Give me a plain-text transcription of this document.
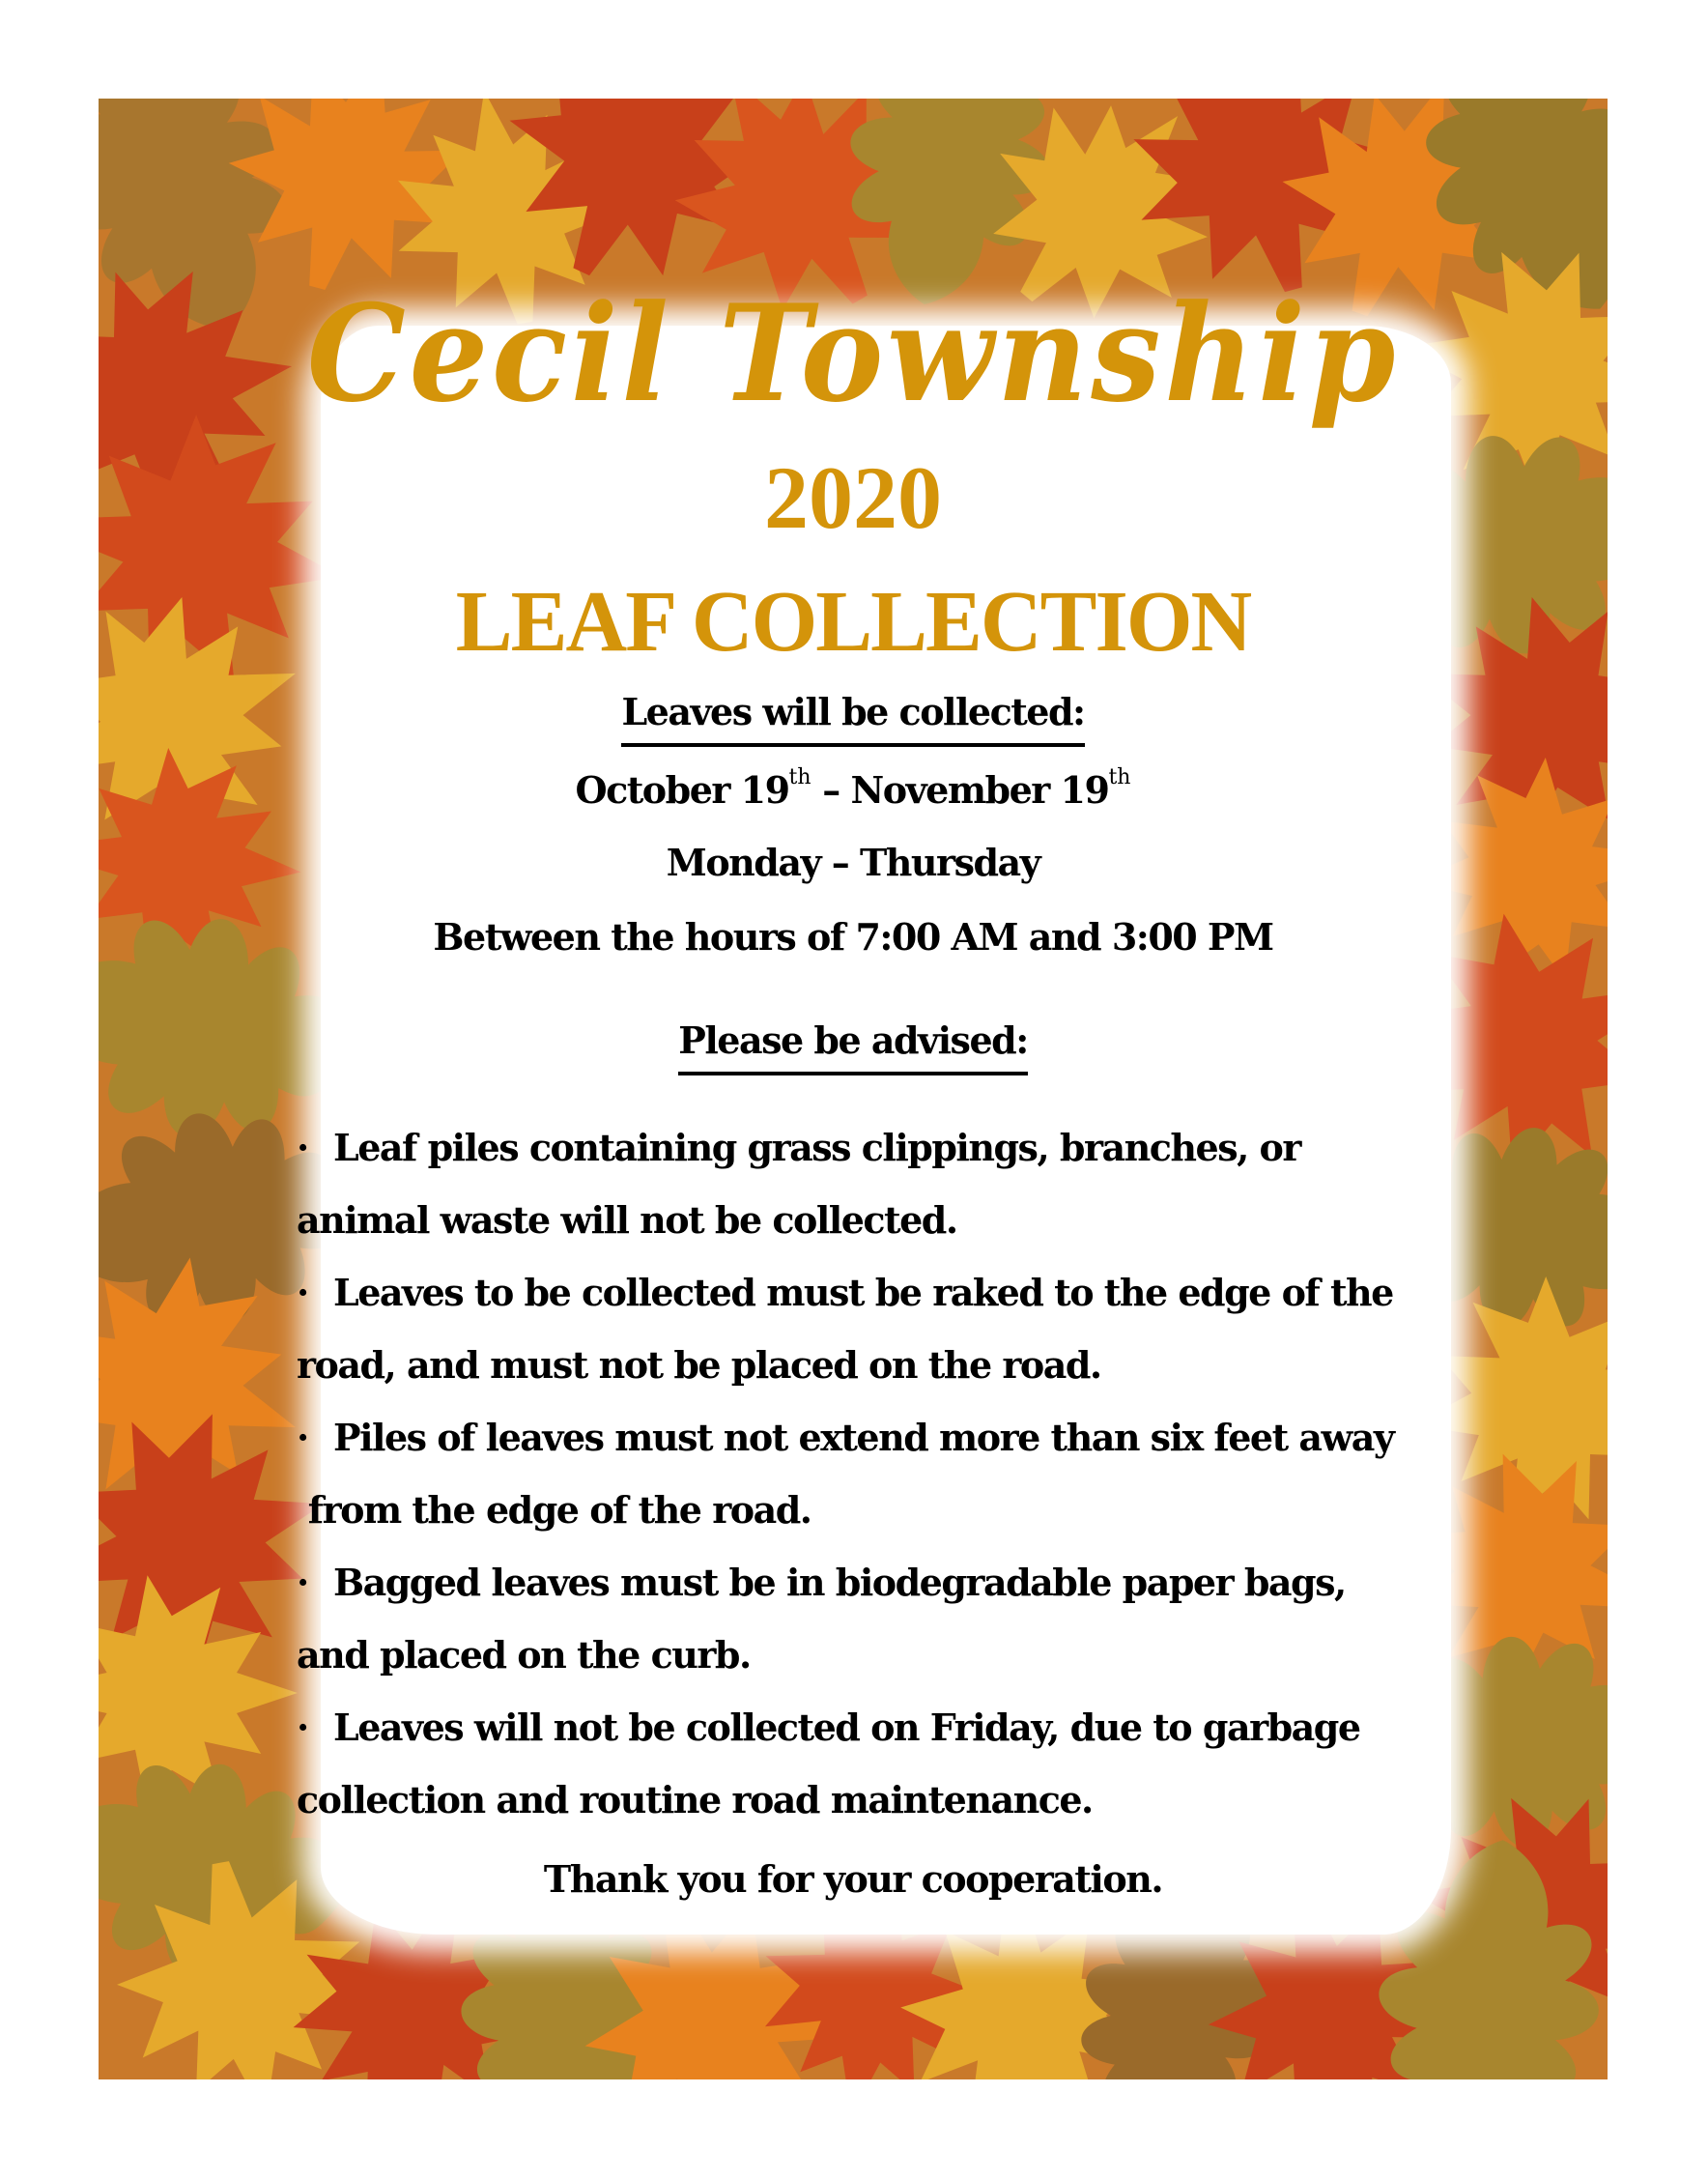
Cecil Township
2020
LEAF COLLECTION
Leaves will be collected:
October 19th – November 19th
Monday – Thursday
Between the hours of 7:00 AM and 3:00 PM
Please be advised:
· Leaf piles containing grass clippings, branches, or
animal waste will not be collected.
· Leaves to be collected must be raked to the edge of the
road, and must not be placed on the road.
· Piles of leaves must not extend more than six feet away
from the edge of the road.
· Bagged leaves must be in biodegradable paper bags,
and placed on the curb.
· Leaves will not be collected on Friday, due to garbage
collection and routine road maintenance.
Thank you for your cooperation.
